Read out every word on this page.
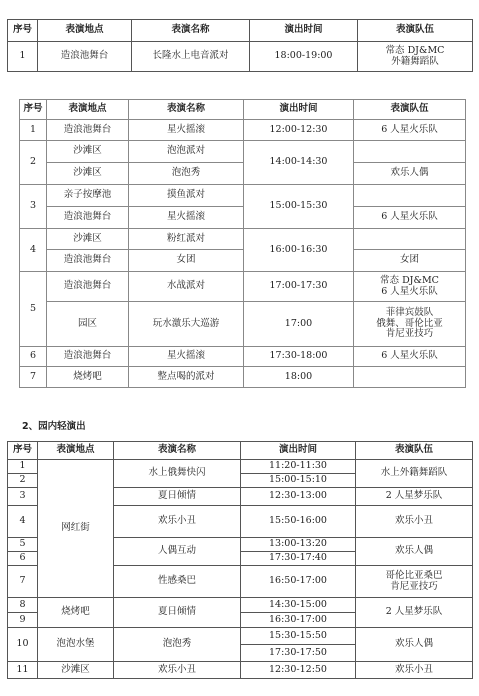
序号	表演地点	表演名称	演出时间	表演队伍
1	造浪池舞台	长隆水上电音派对	18:00-19:00	常态 DJ&MC
外籍舞蹈队
序号	表演地点	表演名称	演出时间	表演队伍
1	造浪池舞台	星火摇滚	12:00-12:30	6 人星火乐队
2	沙滩区	泡泡派对	14:00-14:30	
	沙滩区	泡泡秀		欢乐人偶
3	亲子按摩池	摸鱼派对	15:00-15:30	
	造浪池舞台	星火摇滚		6 人星火乐队
4	沙滩区	粉红派对	16:00-16:30	
	造浪池舞台	女团		女团
5	造浪池舞台	水战派对	17:00-17:30	常态 DJ&MC
6 人星火乐队

	园区	玩水激乐大巡游	17:00	菲律宾鼓队
俄舞、哥伦比亚
肯尼亚技巧

6	造浪池舞台	星火摇滚	17:30-18:00	6 人星火乐队
7	烧烤吧	整点喝的派对	18:00	
2、园内轻演出
序号	表演地点	表演名称	演出时间	表演队伍
1	网红街	水上俄舞快闪	11:20-11:30	水上外籍舞蹈队
2			15:00-15:10	
3		夏日倾情	12:30-13:00	2 人星梦乐队
4		欢乐小丑	15:50-16:00	欢乐小丑
5		人偶互动	13:00-13:20	欢乐人偶
6			17:30-17:40	
7		性感桑巴	16:50-17:00	哥伦比亚桑巴
肯尼亚技巧

8	烧烤吧	夏日倾情	14:30-15:00	2 人星梦乐队
9			16:30-17:00	
10	泡泡水堡	泡泡秀	15:30-15:50	欢乐人偶
			17:30-17:50	
11	沙滩区	欢乐小丑	12:30-12:50	欢乐小丑
